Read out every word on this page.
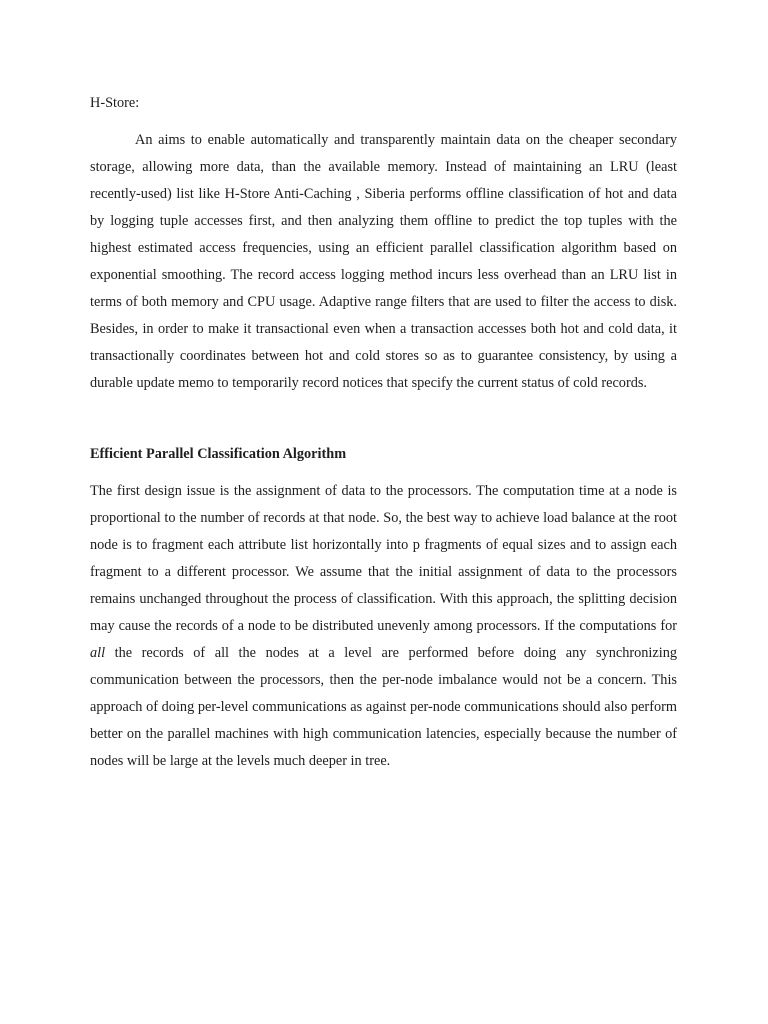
H-Store:

An aims to enable automatically and transparently maintain data on the cheaper secondary storage, allowing more data, than the available memory. Instead of maintaining an LRU (least recently-used) list like H-Store Anti-Caching , Siberia performs offline classification of hot and data by logging tuple accesses first, and then analyzing them offline to predict the top tuples with the highest estimated access frequencies, using an efficient parallel classification algorithm based on exponential smoothing. The record access logging method incurs less overhead than an LRU list in terms of both memory and CPU usage. Adaptive range filters that are used to filter the access to disk. Besides, in order to make it transactional even when a transaction accesses both hot and cold data, it transactionally coordinates between hot and cold stores so as to guarantee consistency, by using a durable update memo to temporarily record notices that specify the current status of cold records.

Efficient Parallel Classification Algorithm

The first design issue is the assignment of data to the processors. The computation time at a node is proportional to the number of records at that node. So, the best way to achieve load balance at the root node is to fragment each attribute list horizontally into p fragments of equal sizes and to assign each fragment to a different processor. We assume that the initial assignment of data to the processors remains unchanged throughout the process of classification. With this approach, the splitting decision may cause the records of a node to be distributed unevenly among processors. If the computations for all the records of all the nodes at a level are performed before doing any synchronizing communication between the processors, then the per-node imbalance would not be a concern. This approach of doing per-level communications as against per-node communications should also perform better on the parallel machines with high communication latencies, especially because the number of nodes will be large at the levels much deeper in tree.
